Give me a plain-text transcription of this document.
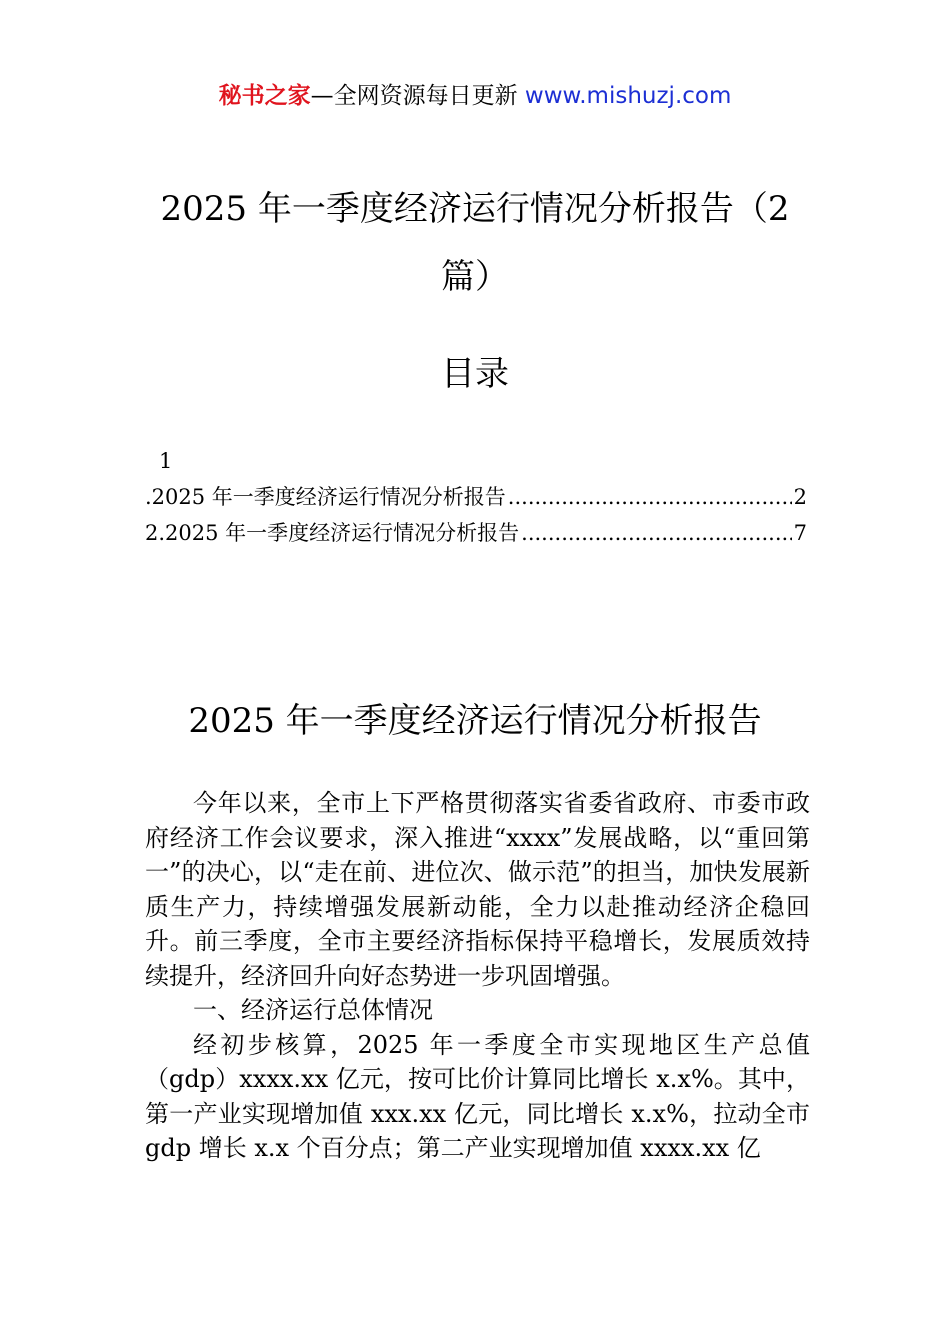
秘书之家—全网资源每日更新 www.mishuzj.com
2025 年一季度经济运行情况分析报告（2 篇）
目录
1
.2025 年一季度经济运行情况分析报告 .....	2
2.2025 年一季度经济运行情况分析报告 .....	7
2025 年一季度经济运行情况分析报告

今年以来，全市上下严格贯彻落实省委省政府、市委市政府经济工作会议要求，深入推进“xxxx”发展战略，以“重回第一”的决心，以“走在前、进位次、做示范”的担当，加快发展新质生产力，持续增强发展新动能，全力以赴推动经济企稳回升。前三季度，全市主要经济指标保持平稳增长，发展质效持续提升，经济回升向好态势进一步巩固增强。

一、经济运行总体情况

经初步核算，2025 年一季度全市实现地区生产总值（gdp）xxxx.xx 亿元，按可比价计算同比增长 x.x%。其中，第一产业实现增加值 xxx.xx 亿元，同比增长 x.x%，拉动全市 gdp 增长 x.x 个百分点；第二产业实现增加值 xxxx.xx 亿
